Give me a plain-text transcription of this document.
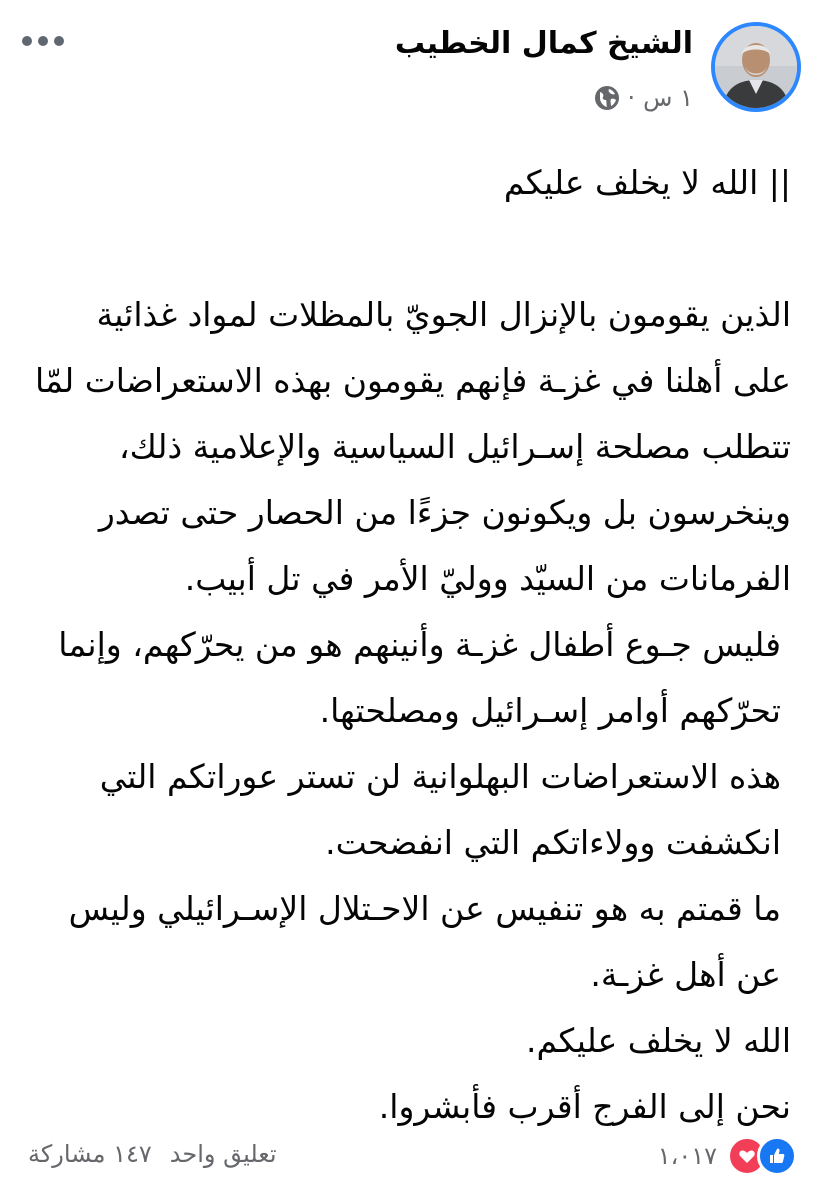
الشيخ كمال الخطيب
١ س
·

|| الله لا يخلف عليكم

الذين يقومون بالإنزال الجويّ بالمظلات لمواد غذائية على أهلنا في غزـة فإنهم يقومون بهذه الاستعراضات لمّا تتطلب مصلحة إسـرائيل السياسية والإعلامية ذلك، وينخرسون بل ويكونون جزءًا من الحصار حتى تصدر الفرمانات من السيّد ووليّ الأمر في تل أبيب.

فليس جـوع أطفال غزـة وأنينهم هو من يحرّكهم، وإنما تحرّكهم أوامر إسـرائيل ومصلحتها.

هذه الاستعراضات البهلوانية لن تستر عوراتكم التي انكشفت وولاءاتكم التي انفضحت.

ما قمتم به هو تنفيس عن الاحـتلال الإسـرائيلي وليس عن أهل غزـة.

الله لا يخلف عليكم.

نحن إلى الفرج أقرب فأبشروا.

١،٠١٧
تعليق واحد
١٤٧ مشاركة
